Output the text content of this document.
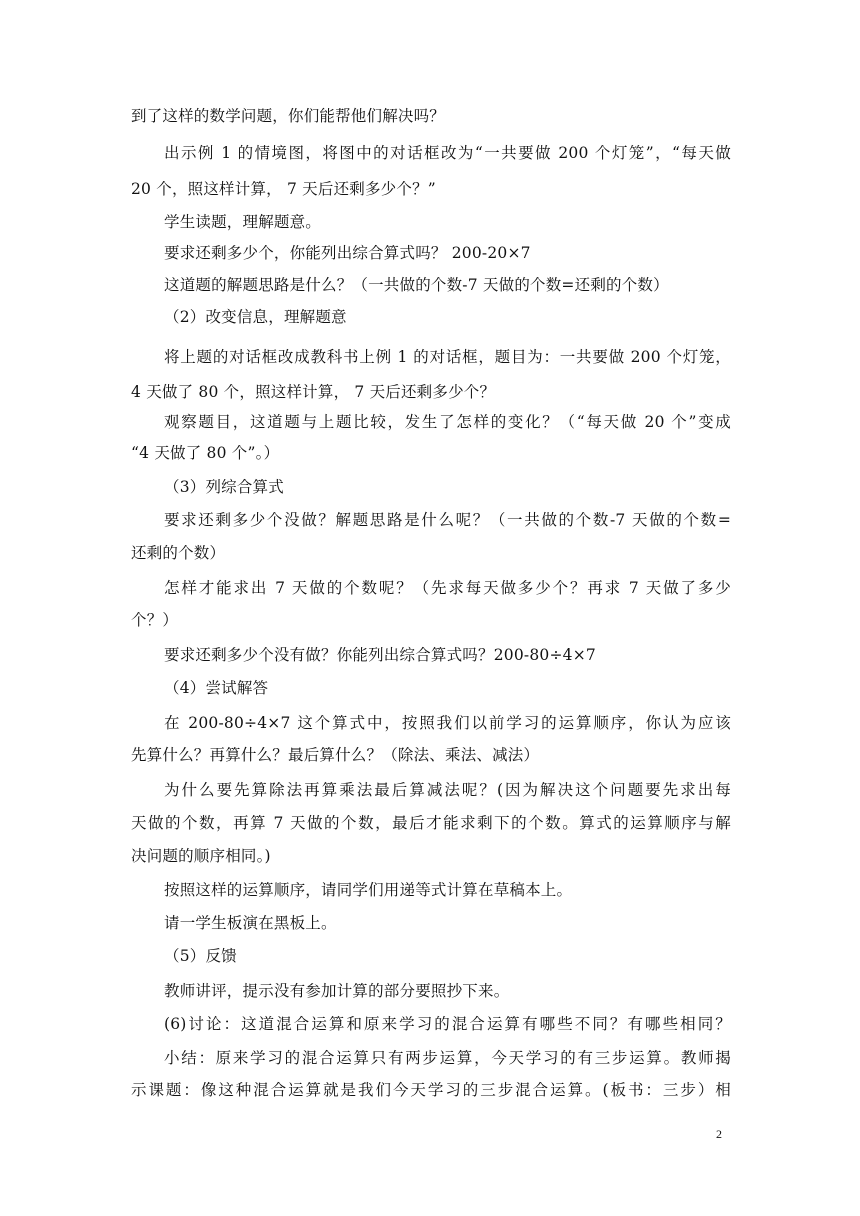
到了这样的数学问题，你们能帮他们解决吗？
出示例 1 的情境图，将图中的对话框改为“一共要做 200 个灯笼”，“每天做
20 个，照这样计算， 7 天后还剩多少个？”
学生读题，理解题意。
要求还剩多少个，你能列出综合算式吗？ 200-20×7
这道题的解题思路是什么？（一共做的个数-7 天做的个数=还剩的个数）
（2）改变信息，理解题意
将上题的对话框改成教科书上例 1 的对话框，题目为：一共要做 200 个灯笼，
4 天做了 80 个，照这样计算， 7 天后还剩多少个？
观察题目，这道题与上题比较，发生了怎样的变化？（“每天做 20 个”变成
“4 天做了 80 个”。）
（3）列综合算式
要求还剩多少个没做？解题思路是什么呢？（一共做的个数-7 天做的个数=
还剩的个数）
怎样才能求出 7 天做的个数呢？（先求每天做多少个？再求 7 天做了多少
个？）
要求还剩多少个没有做？你能列出综合算式吗？200-80÷4×7
（4）尝试解答
在 200-80÷4×7 这个算式中，按照我们以前学习的运算顺序，你认为应该
先算什么？再算什么？最后算什么？（除法、乘法、减法）
为什么要先算除法再算乘法最后算减法呢？(因为解决这个问题要先求出每
天做的个数，再算 7 天做的个数，最后才能求剩下的个数。算式的运算顺序与解
决问题的顺序相同。)
按照这样的运算顺序，请同学们用递等式计算在草稿本上。
请一学生板演在黑板上。
（5）反馈
教师讲评，提示没有参加计算的部分要照抄下来。
(6)讨论：这道混合运算和原来学习的混合运算有哪些不同？有哪些相同？
小结：原来学习的混合运算只有两步运算，今天学习的有三步运算。教师揭
示课题：像这种混合运算就是我们今天学习的三步混合运算。(板书：三步）相
2
